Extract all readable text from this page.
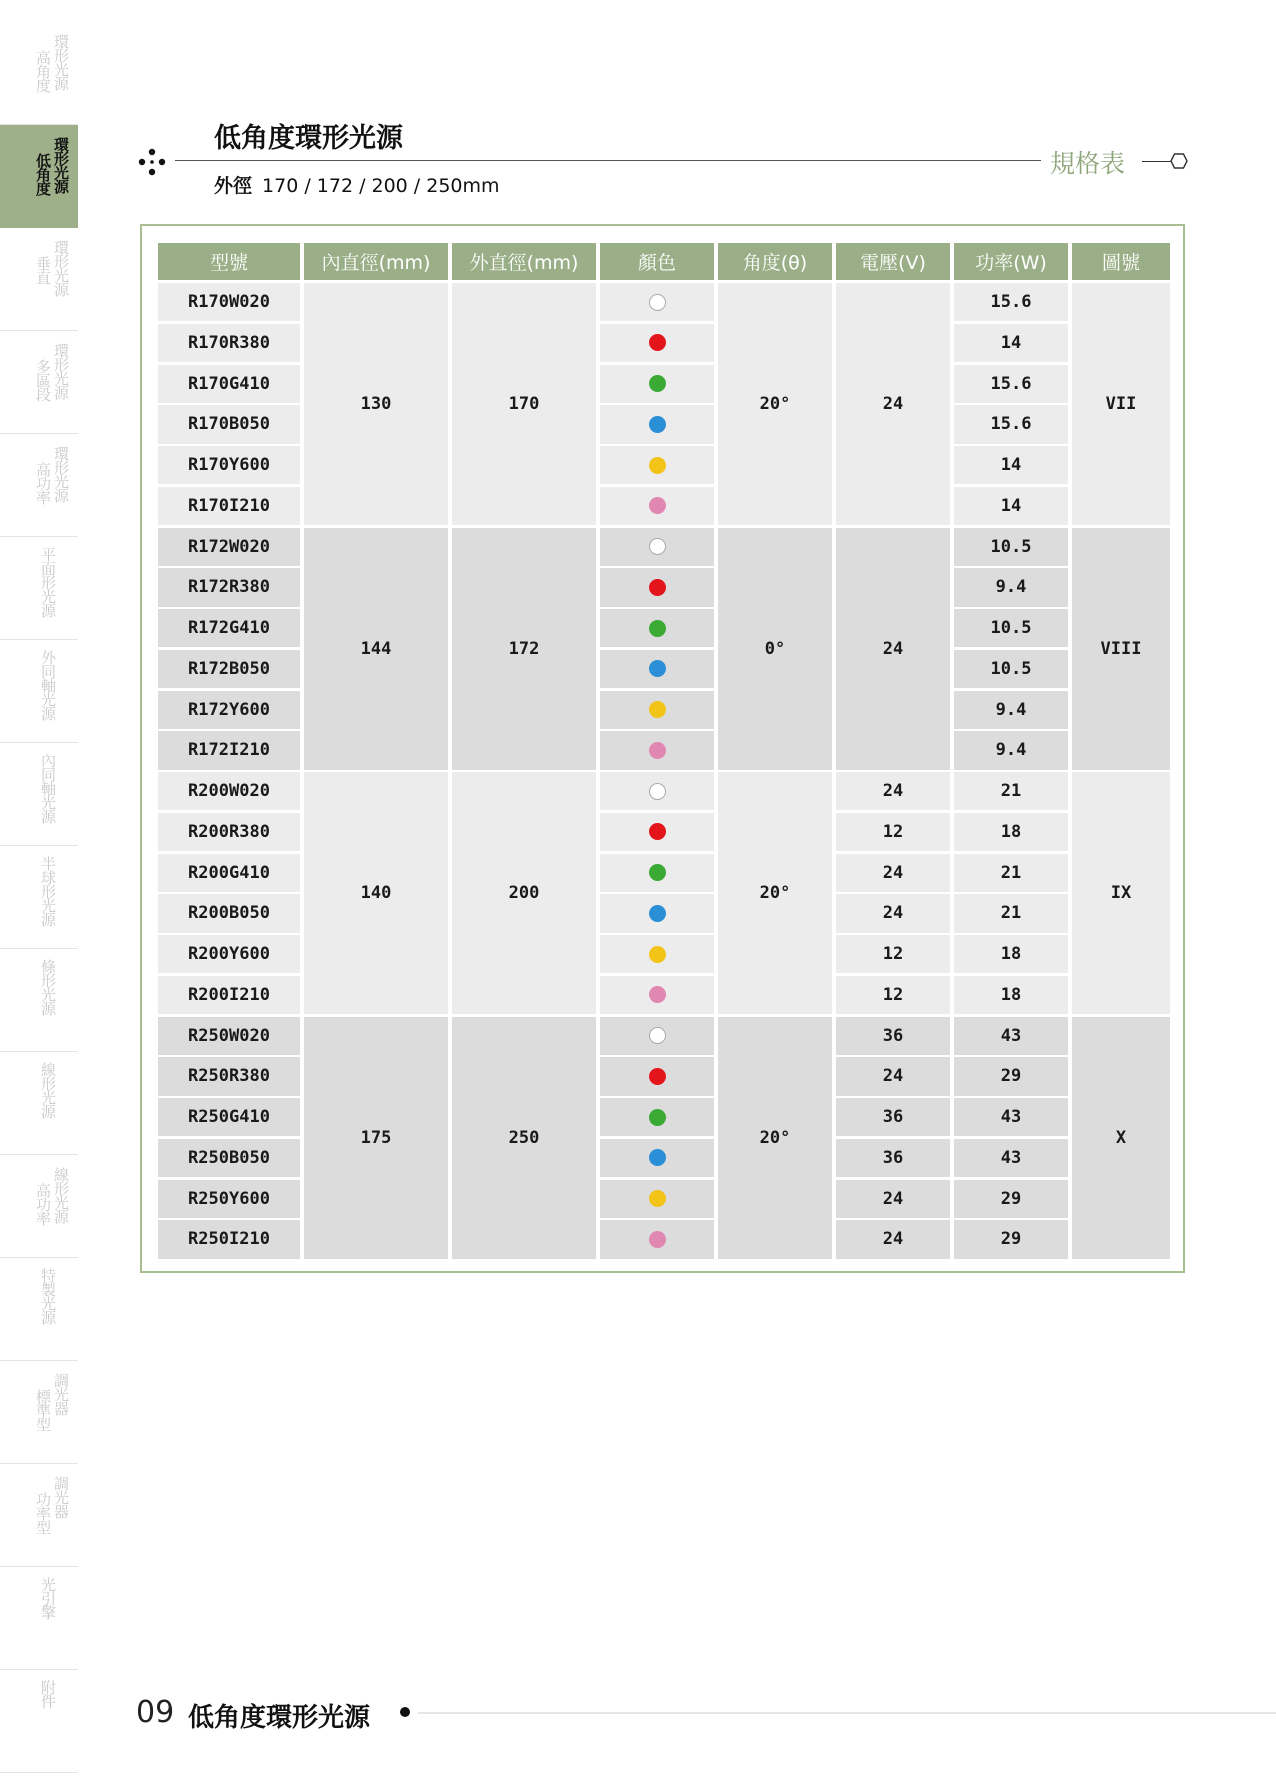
高角度 環形光源
低角度 環形光源
垂直 環形光源
多區段 環形光源
高功率 環形光源
平面形光源
外同軸光源
內同軸光源
半球形光源
條形光源
線形光源
高功率 線形光源
特製光源
標準型 調光器
功率型 調光器
光引擎
附件
低角度環形光源
外徑 170 / 172 / 200 / 250mm
規格表
型號	內直徑(mm)	外直徑(mm)	顏色	角度(θ)	電壓(V)	功率(W)	圖號
130	170	20°	VII
24
R170W020	15.6
R170R380	14
R170G410	15.6
R170B050	15.6
R170Y600	14
R170I210	14
144	172	0°	VIII
24
R172W020	10.5
R172R380	9.4
R172G410	10.5
R172B050	10.5
R172Y600	9.4
R172I210	9.4
140	200	20°	IX
R200W020	24	21
R200R380	12	18
R200G410	24	21
R200B050	24	21
R200Y600	12	18
R200I210	12	18
175	250	20°	X
R250W020	36	43
R250R380	24	29
R250G410	36	43
R250B050	36	43
R250Y600	24	29
R250I210	24	29
09 低角度環形光源
